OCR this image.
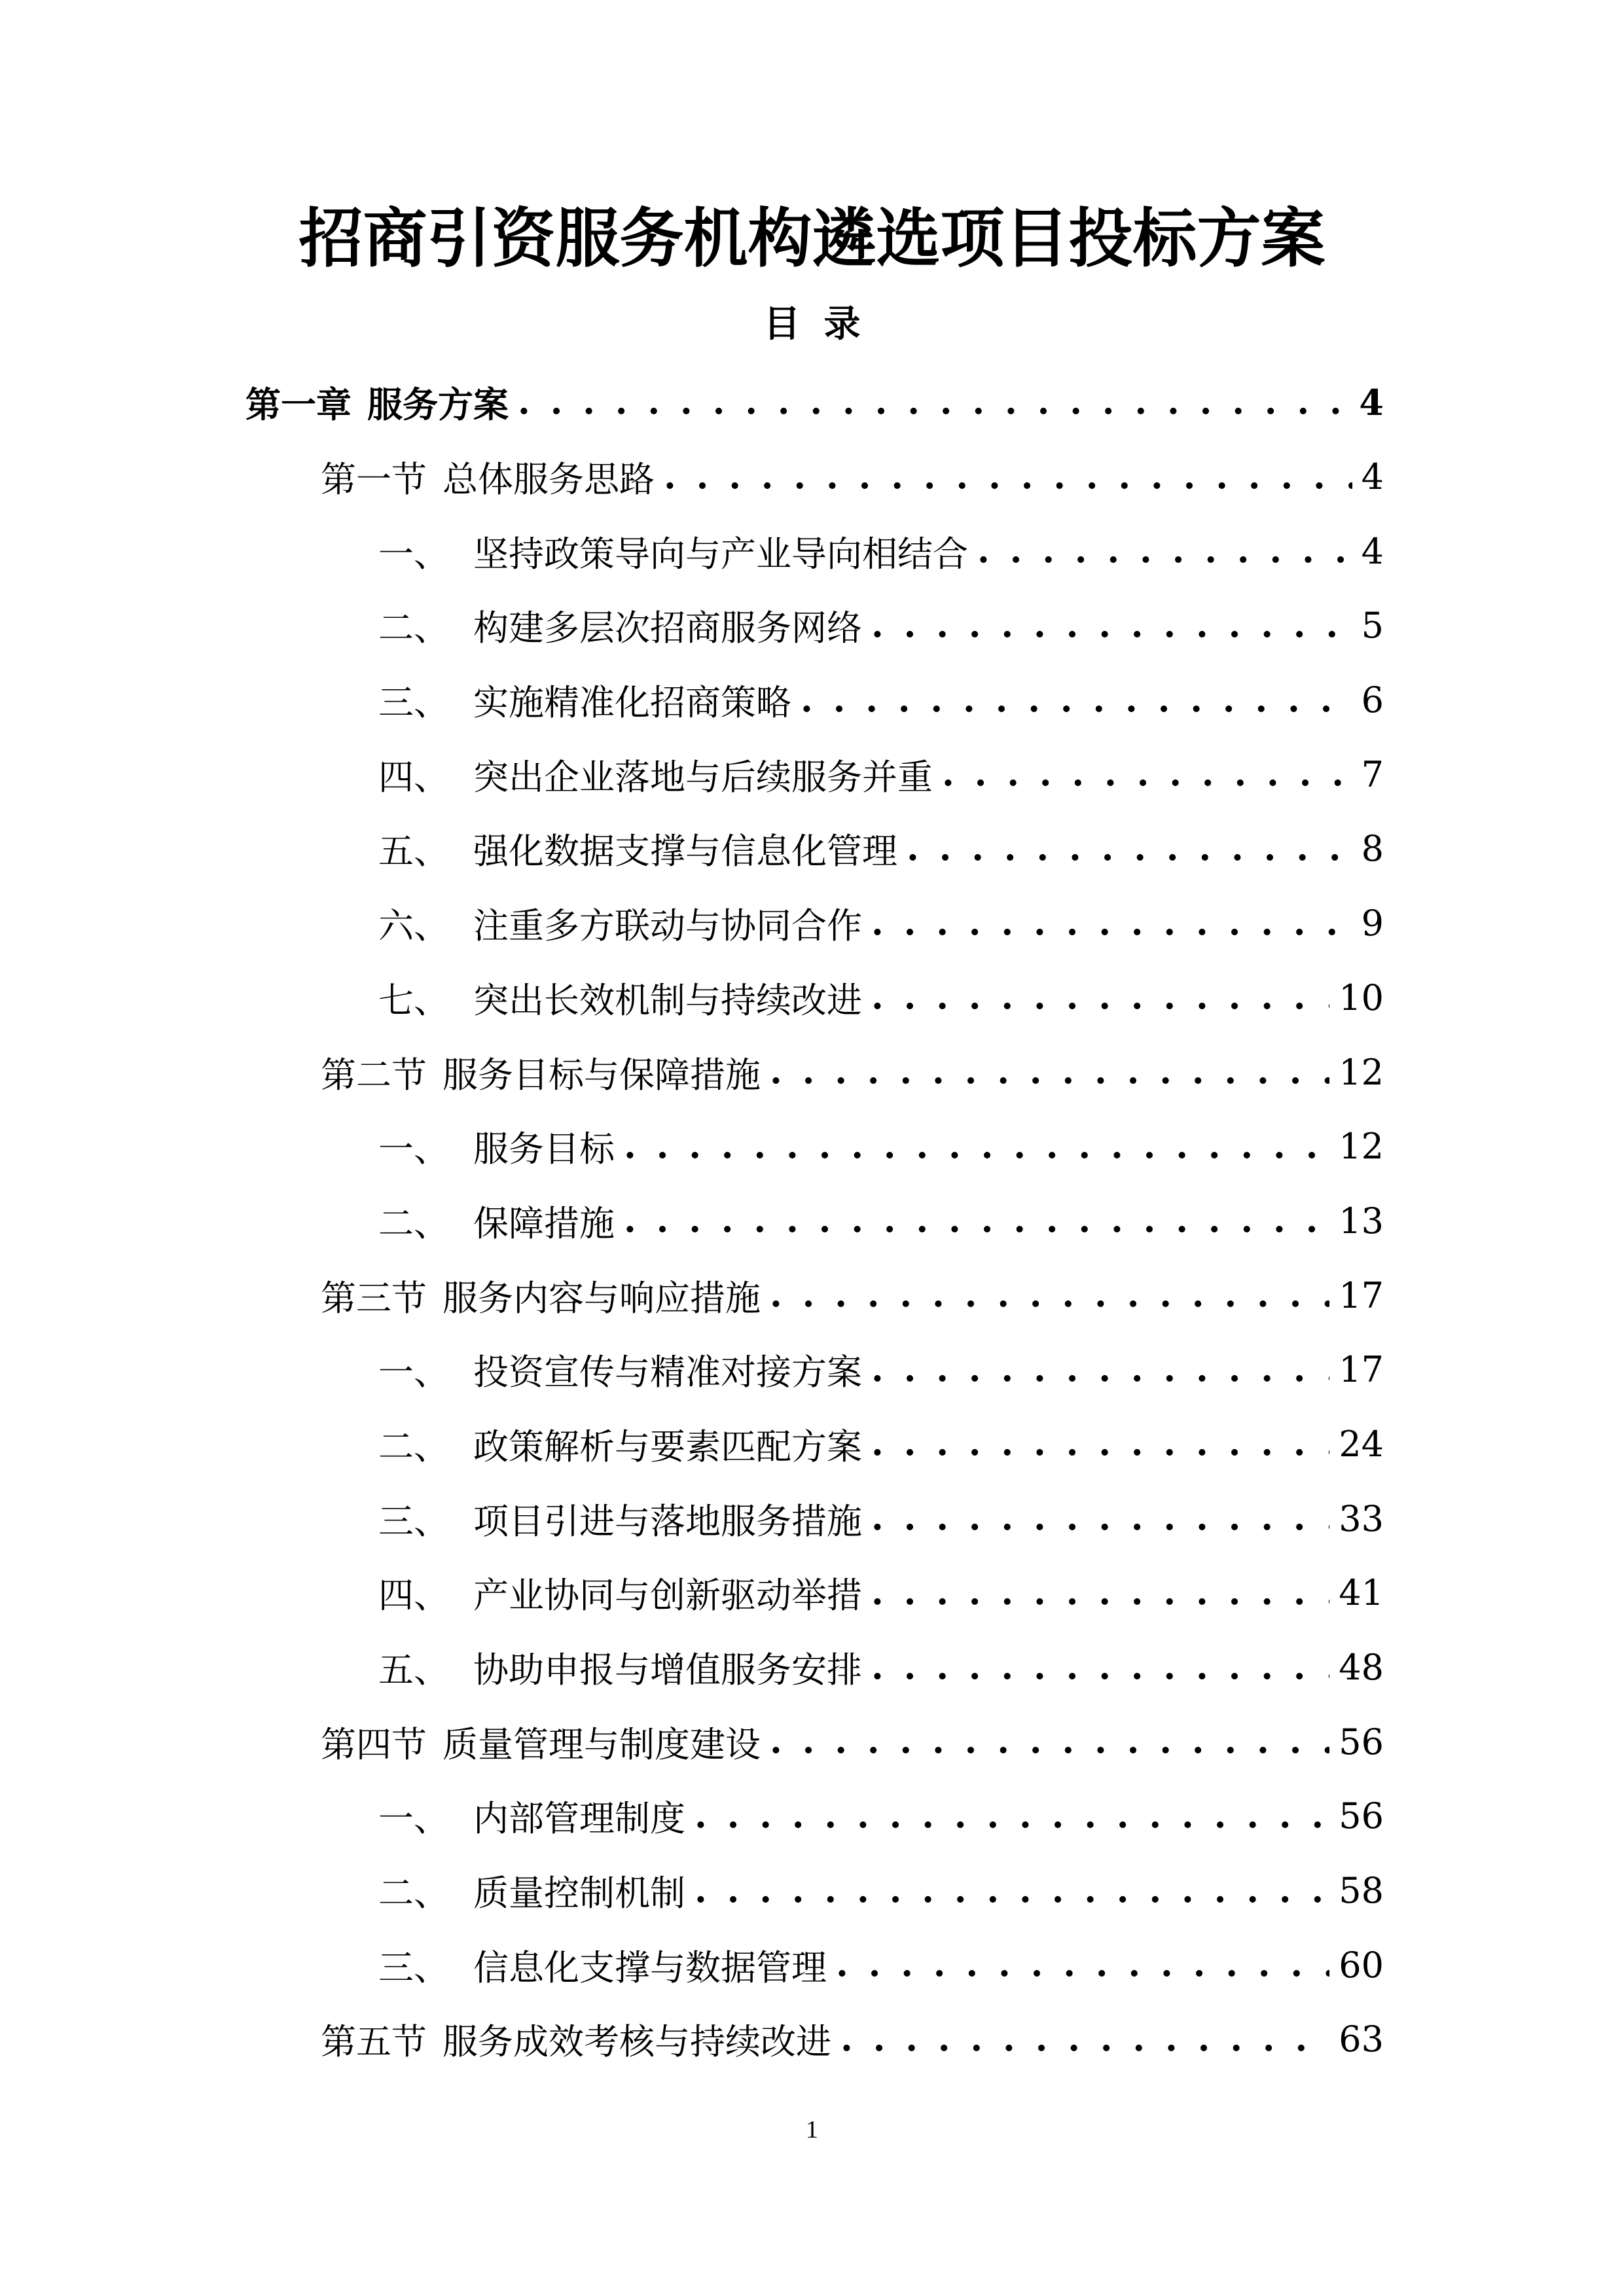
招商引资服务机构遴选项目投标方案
目录
第一章 服务方案 . . .	4
第一节 总体服务思路 . . .	4
一、 坚持政策导向与产业导向相结合 . . .	4
二、 构建多层次招商服务网络 . . .	5
三、 实施精准化招商策略 . . .	6
四、 突出企业落地与后续服务并重 . . .	7
五、 强化数据支撑与信息化管理 . . .	8
六、 注重多方联动与协同合作 . . .	9
七、 突出长效机制与持续改进 . . .	10
第二节 服务目标与保障措施 . . .	12
一、 服务目标 . . .	12
二、 保障措施 . . .	13
第三节 服务内容与响应措施 . . .	17
一、 投资宣传与精准对接方案 . . .	17
二、 政策解析与要素匹配方案 . . .	24
三、 项目引进与落地服务措施 . . .	33
四、 产业协同与创新驱动举措 . . .	41
五、 协助申报与增值服务安排 . . .	48
第四节 质量管理与制度建设 . . .	56
一、 内部管理制度 . . .	56
二、 质量控制机制 . . .	58
三、 信息化支撑与数据管理 . . .	60
第五节 服务成效考核与持续改进 . . .	63
1
